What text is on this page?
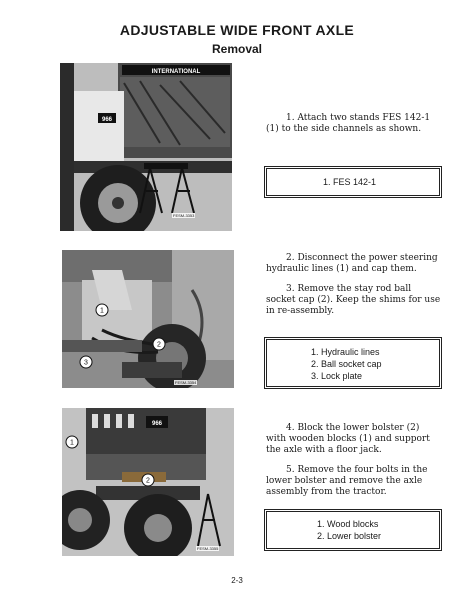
ADJUSTABLE WIDE FRONT AXLE
Removal
INTERNATIONAL
966
FESM-3353

1. Attach two stands FES 142-1 (1) to the side channels as shown.

1. FES 142-1
1
2
3
FESM-3354

2. Disconnect the power steering hydraulic lines (1) and cap them.

3. Remove the stay rod ball socket cap (2). Keep the shims for use in re-assembly.

1. Hydraulic lines
2. Ball socket cap
3. Lock plate
966
1
2
FESM-3355

4. Block the lower bolster (2) with wooden blocks (1) and support the axle with a floor jack.

5. Remove the four bolts in the lower bolster and remove the axle assembly from the tractor.

1. Wood blocks
2. Lower bolster
2-3
